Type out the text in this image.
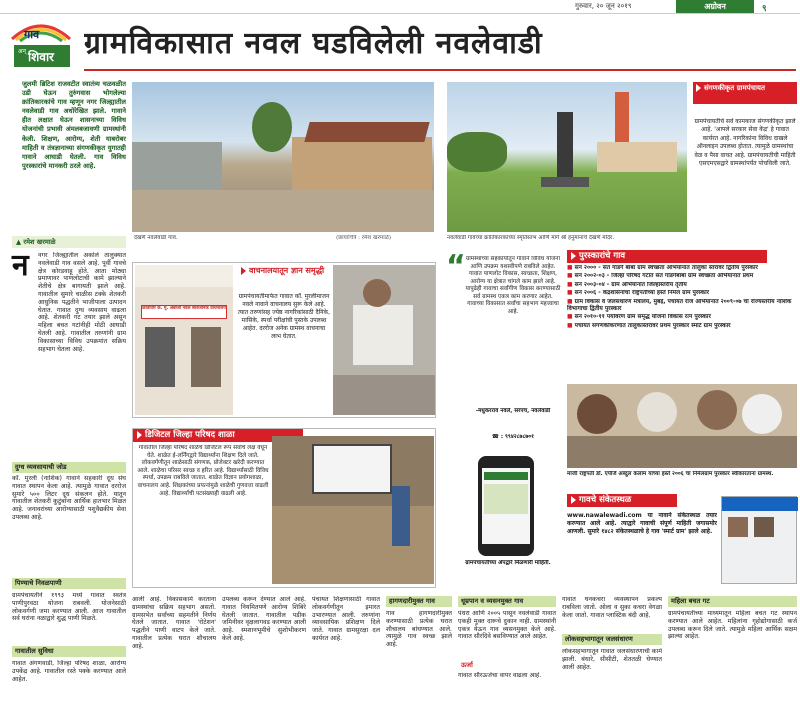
गुरुवार, २० जून २०१९	अग्रोवन	९
गाव
अन् शिवार ग्रामविकासात नवल घडविलेली नवलेवाडी
जुलमी ब्रिटिश राजवटीत स्वातंत्र्य चळवळीत उडी घेऊन तुरुंगवास भोगलेल्या क्रांतिकारकांचे गाव म्हणून नगर जिल्ह्यातील नवलेवाडी गाव अधोरेखित झाले. गावाने हीत लक्षात घेऊन शासनाच्या विविध योजनांची प्रभावी अंमलबजावणी ग्रामस्थांनी केली. शिक्षण, आरोग्य, शेती याबरोबर माहिती व तंत्रज्ञानाच्या संगणकीकृत युगातही गावाने आघाडी घेतली. गाव विविध पुरस्कारांचे मानकरी ठरले आहे.
देखणे नवलेवाडी गाव.	(छायाचित्रे : रमेश खरमाळे)	नवलेवाडी गावच्या क्रांतिकारकांच्या स्मृतिस्तंभ आणि मागे श्री हनुमानाचे देखणे मंदिर.
संगणकीकृत ग्रामपंचायत
ग्रामपंचायतीचे सर्व कामकाज संगणकीकृत झाले आहे. 'आपले सरकार सेवा केंद्र' हे गावात कार्यरत आहे. नागरिकांना विविध दाखले ऑनलाइन उपलब्ध होतात. त्यामुळे ग्रामस्थांचा वेळ व पैसा वाचत आहे. ग्रामपंचायतीची माहिती एसएमएसद्वारे ग्रामस्थांपर्यंत पोचविली जाते.
▲ रमेश खरमाळे
न नगर जिल्ह्यातील अकोले तालुक्यात नवलेवाडी गाव वसले आहे. पूर्वी गावचे क्षेत्र कोरडवाहू होते. आता मोठ्या प्रमाणावर पाणलोटाची कामे झाल्याने शेतीचे क्षेत्र बागायती झाले आहे. गावातील सुमारे चाळीस टक्के शेतकरी आधुनिक पद्धतीने भाजीपाला उत्पादन घेतात. गावात दुग्ध व्यवसाय वाढला आहे. शेतकरी गट तयार झाले असून महिला बचत गटांनीही मोठी आघाडी घेतली आहे. गावातील तरुणांनी ग्राम विकासाच्या विविध उपक्रमांत सक्रिय सहभाग घेतला आहे.
दुग्ध व्यवसायाची जोड
कॉ. मुरली (नाशिक) गावाने सहकारी दूध संघ गावात स्थापन केला आहे. त्यामुळे गावात दररोज सुमारे ५०० लिटर दूध संकलन होते. यातून गावातील शेतकरी कुटुंबांना आर्थिक हातभार मिळत आहे. जनावरांच्या आरोग्यासाठी पशुवैद्यकीय सेवा उपलब्ध आहे.
पिण्याचे निवळपाणी
ग्रामपंचायतीने १९९३ मध्ये गावात स्वतंत्र पाणीपुरवठा योजना राबवली. योजनेसाठी लोकवर्गणी जमा करण्यात आली. आज गावातील सर्व घरांना नळाद्वारे शुद्ध पाणी मिळते.
गावातील सुविधा
गावात अंगणवाडी, जिल्हा परिषद शाळा, आरोग्य उपकेंद्र आहे. गावातील रस्ते पक्के करण्यात आले आहेत.
क्रांतीवीर कै. मु. अन्नाजी नवले सार्वजनिक वाचनालय
वाचनालयातून ज्ञान समृद्धी
ग्रामपंचायतीमार्फत गावात कॉ. मुरलीमाजन नवले नावाने वाचनालय सुरू केले आहे. त्यात तरुणांसह ज्येष्ठ नागरिकांसाठी दैनिके, मासिके, स्पर्धा परीक्षांची पुस्तके उपलब्ध आहेत. दररोज अनेक ग्रामस्थ वाचनाचा लाभ घेतात.
“ ग्रामस्थांच्या सहकार्यातून गावाने विविध योजना आणि उपक्रम यशस्वीपणे राबविले आहेत. गावात पाणलोट विकास, स्वच्छता, शिक्षण, आरोग्य या क्षेत्रात चांगले काम झाले आहे. यापुढेही गावाचा सर्वांगीण विकास करण्यासाठी सर्व ग्रामस्थ एकत्र काम करणार आहेत. गावाच्या विकासात सर्वांचा सहभाग महत्त्वाचा आहे.
-मधुकरराव नवले, सरपंच, नवलेवाडी
☎ : ९९४२८७८७०१
पुरस्कारांचे गाव
■ सन २००० - संत गाडगे बाबा ग्राम स्वच्छता अभियानात तालुका स्तरावर द्वितीय पुरस्कार
■ सन २००२-०३ - जिल्हा परिषद गटात संत गाडगेबाबा ग्राम स्वच्छता अभियानात प्रथम
■ सन २००३-०४ - ग्राम अभियानात जिल्हास्तरीय तृतीय
■ सन २००६ - केंद्रशासनाचा राष्ट्रपतींच्या हस्ते निर्मल ग्राम पुरस्कार
■ ग्राम विकास व जलसंधारण मंत्रालय, मुंबई, पंचायत राज अभियानात २००९-०७ चा राज्यस्तरीय नाशिक विभागाचा द्वितीय पुरस्कार
■ सन २०१०-११ पर्यावरण ग्राम समृद्ध योजना विकास रत्न पुरस्कार
■ पंचायत संगणकीकरणात तालुकास्तरावर प्रथम पुरस्कार स्मार्ट ग्राम पुरस्कार
माजी राष्ट्रपती डॉ. एपीजे अब्दुल कलाम यांच्या हस्ते २००६ चा निर्मलग्राम पुरस्कार स्वीकारताना ग्रामस्थ.
डिजिटल जिल्हा परिषद शाळा
गावातील जिल्हा परिषद शाळेचे डिजिटल रूप सर्वांचे लक्ष वेधून घेते. शाळेत ई-लर्निंगद्वारे विद्यार्थ्यांना शिक्षण दिले जाते. लोकवर्गणीतून शाळेसाठी संगणक, प्रोजेक्टर खरेदी करण्यात आले. शाळेचा परिसर स्वच्छ व हरित आहे. विद्यार्थ्यांसाठी विविध स्पर्धा, उपक्रम राबविले जातात. शाळेत विज्ञान प्रयोगशाळा, वाचनालय आहे. शिक्षकांच्या प्रयत्नांमुळे शाळेची गुणवत्ता वाढली आहे. विद्यार्थ्यांची पटसंख्याही वाढली आहे.
ग्रामपंचायतीच्या ॲपद्वारे मिळणारी माहिती.
गावचे संकेतस्थळ
www.nawalewadi.com या नावाने संकेतस्थळ तयार करण्यात आले आहे. त्याद्वारे गावाची संपूर्ण माहिती जगासमोर आणली. सुमारे १४८२ संकेतस्थळाचे हे गाव 'स्मार्ट ग्राम' झाले आहे.
आली आहे. विकासकामे करताना ग्रामस्थांचा सक्रिय सहभाग असतो. ग्रामसभेत सर्वांच्या सहमतीने निर्णय घेतले जातात. गावात 'रोटेशन' पद्धतीने पाणी वाटप केले जाते. गावातील प्रत्येक घरात शौचालय आहे.
उपलब्ध करून देण्यात आले आहे. गावात नियमितपणे आरोग्य शिबिरे घेतली जातात. गावातील पडीक जमिनीवर वृक्षलागवड करण्यात आली आहे. स्मशानभूमीचे सुशोभीकरण केले आहे.
पंचायत शिक्षणासाठी गावात लोकवर्गणीतून इमारत उभारण्यात आली. तरुणांना व्यावसायिक प्रशिक्षण दिले जाते. गावात ग्रामसुरक्षा दल कार्यरत आहे.
हागणदारीमुक्त गाव
गाव हागणदारीमुक्त करण्यासाठी प्रत्येक घरात शौचालय बांधण्यात आले. त्यामुळे गाव स्वच्छ झाले आहे.
धूम्रपान व व्यसनमुक्त गाव
पंधरा आणि २००५ पासून नवलेवाडी गावात एकही मुक्त दारूचे दुकान नाही. ग्रामस्थांनी एकत्र येऊन गाव व्यसनमुक्त केले आहे. गावात सौरदिवे बसविण्यात आले आहेत.
ऊर्जा
गावात सौरऊर्जेचा वापर वाढला आहे.
गावात घनकचरा व्यवस्थापन प्रकल्प राबविला जातो. ओला व सुका कचरा वेगळा केला जातो. गावात प्लास्टिक बंदी आहे.
लोकसहभागातून जलसंधारण
लोकसहभागातून गावात जलसंधारणाची कामे झाली. बंधारे, सीसीटी, शेततळी घेण्यात आली आहेत.
महिला बचत गट
ग्रामपंचायतीच्या माध्यमातून महिला बचत गट स्थापन करण्यात आले आहेत. महिलांना गृहोद्योगासाठी कर्ज उपलब्ध करून दिले जाते. त्यामुळे महिला आर्थिक सक्षम झाल्या आहेत.
